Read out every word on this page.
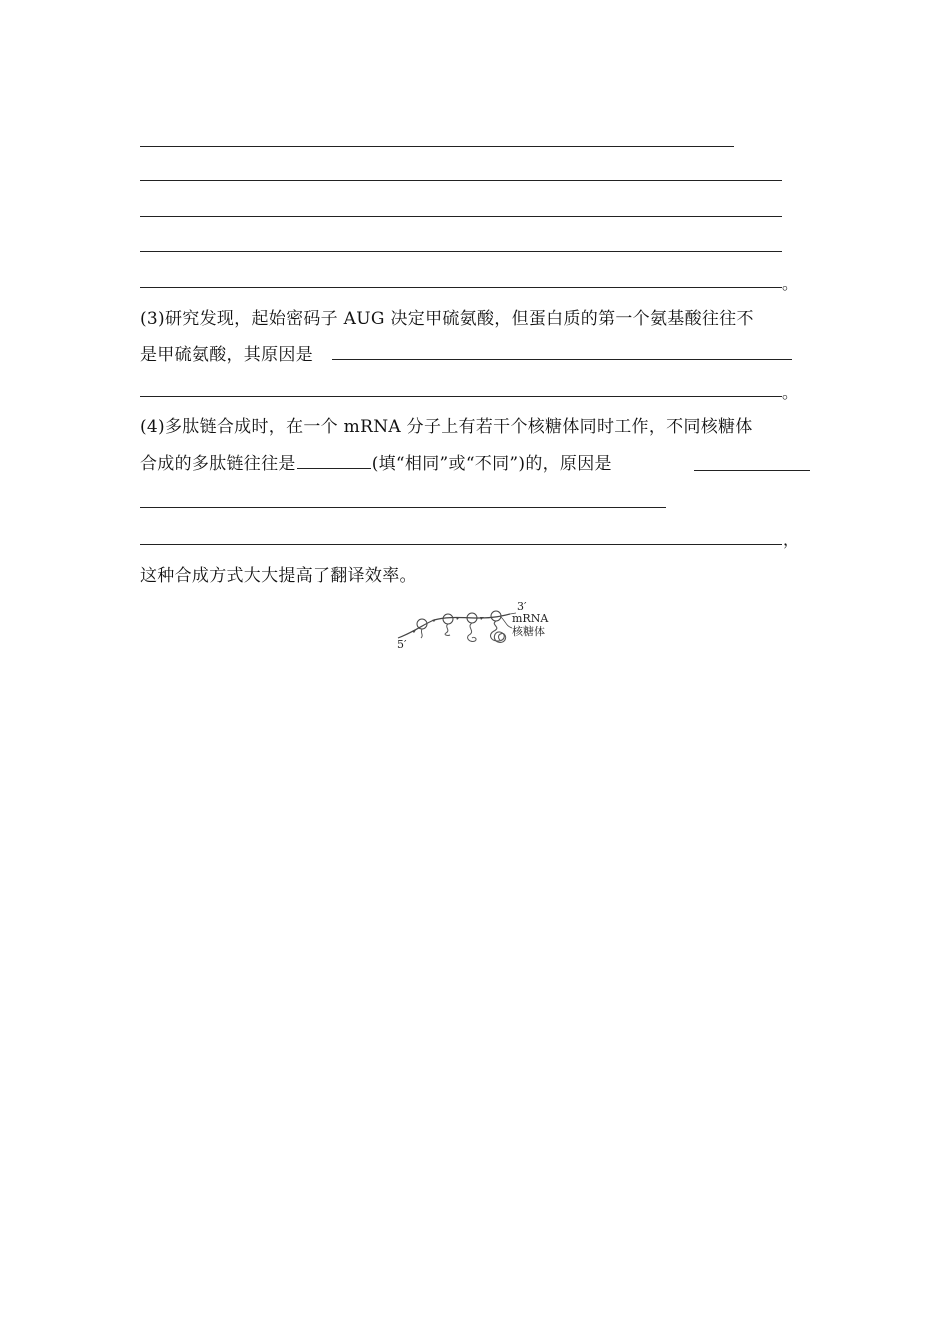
。
(3)研究发现，起始密码子 AUG 决定甲硫氨酸，但蛋白质的第一个氨基酸往往不
是甲硫氨酸，其原因是
。
(4)多肽链合成时，在一个 mRNA 分子上有若干个核糖体同时工作，不同核糖体
合成的多肽链往往是	(填“相同”或“不同”)的，原因是
，
这种合成方式大大提高了翻译效率。
3′
mRNA
核糖体
5′
